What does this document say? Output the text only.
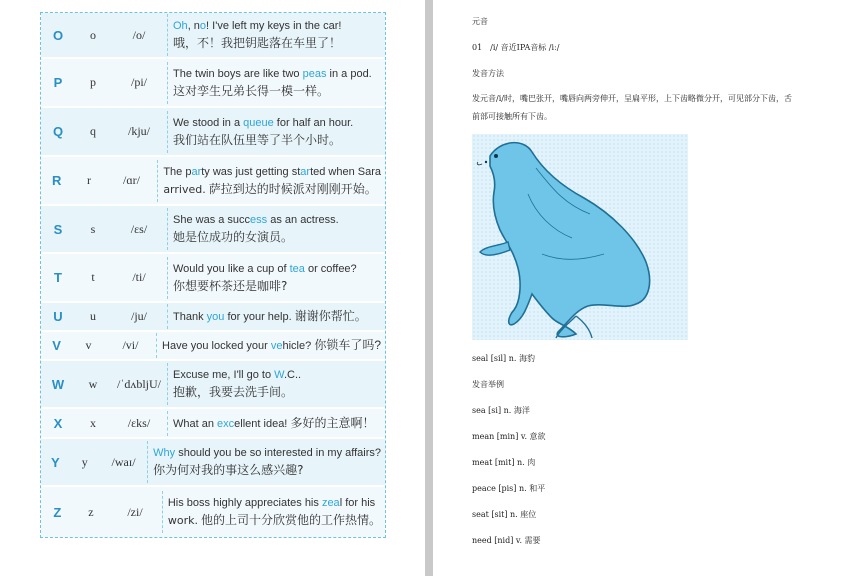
O	o	/o/
Oh, no! I've left my keys in the car!
哦，不！我把钥匙落在车里了！
P	p	/pi/
The twin boys are like two peas in a pod.
这对孪生兄弟长得一模一样。
Q	q	/kju/
We stood in a queue for half an hour.
我们站在队伍里等了半个小时。
R	r	/ɑr/
The party was just getting started when Sara
arrived. 萨拉到达的时候派对刚刚开始。
S	s	/ɛs/
She was a success as an actress.
她是位成功的女演员。
T	t	/ti/
Would you like a cup of tea or coffee?
你想要杯茶还是咖啡?
U	u	/ju/	Thank you for your help. 谢谢你帮忙。
V	v	/vi/	Have you locked your vehicle? 你锁车了吗?
W	w	/ˈdʌbljU/
Excuse me, I'll go to W.C..
抱歉，我要去洗手间。
X	x	/ɛks/	What an excellent idea! 多好的主意啊！
Y	y	/waɪ/
Why should you be so interested in my affairs?
你为何对我的事这么感兴趣?
Z	z	/zi/
His boss highly appreciates his zeal for his
work. 他的上司十分欣赏他的工作热情。
元音
01　/i/ 音近IPA音标 /iː/
发音方法
发元音/i/时，嘴巴张开，嘴唇向两旁伸开，呈扁平形，上下齿略微分开，可见部分下齿，舌
前部可接触所有下齿。
seal [sil] n. 海豹
发音举例
sea [si] n. 海洋
mean [min] v. 意欲
meat [mit] n. 肉
peace [pis] n. 和平
seat [sit] n. 座位
need [nid] v. 需要
